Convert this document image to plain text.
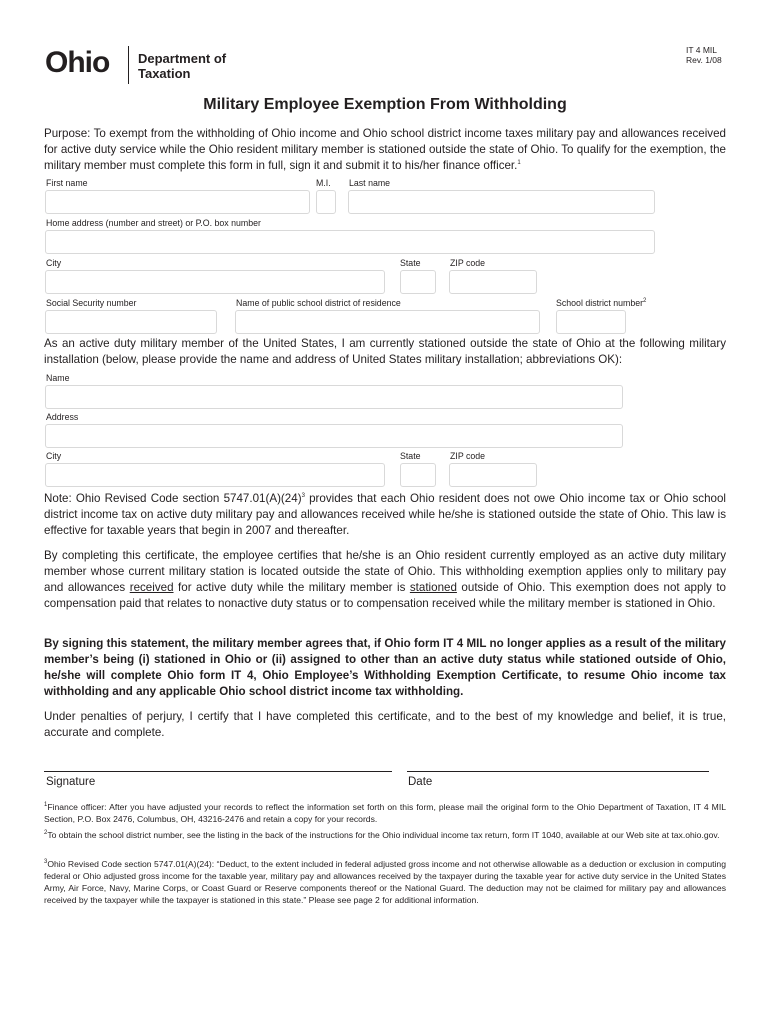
Ohio Department of
Taxation
IT 4 MIL
Rev. 1/08
Military Employee Exemption From Withholding
Purpose: To exempt from the withholding of Ohio income and Ohio school district income taxes military pay and allowances received for active duty service while the Ohio resident military member is stationed outside the state of Ohio. To qualify for the exemption, the military member must complete this form in full, sign it and submit it to his/her finance officer.$^1$
First name	M.I. Last name
Home address (number and street) or P.O. box number
City	State	ZIP code
Social Security number	Name of public school district of residence	School district number$^2$
As an active duty military member of the United States, I am currently stationed outside the state of Ohio at the following military installation (below, please provide the name and address of United States military installation; abbreviations OK):
Name
Address
City	State	ZIP code
Note: Ohio Revised Code section $5747.01(A)(24)^3$ provides that each Ohio resident does not owe Ohio income tax or Ohio school district income tax on active duty military pay and allowances received while he/she is stationed outside the state of Ohio. This law is effective for taxable years that begin in 2007 and thereafter.
By completing this certificate, the employee certifies that he/she is an Ohio resident currently employed as an active duty military member whose current military station is located outside the state of Ohio. This withholding exemption applies only to military pay and allowances received for active duty while the military member is stationed outside of Ohio. This exemption does not apply to compensation paid that relates to nonactive duty status or to compensation received while the military member is stationed in Ohio.
By signing this statement, the military member agrees that, if Ohio form IT 4 MIL no longer applies as a result of the military member’s being (i) stationed in Ohio or (ii) assigned to other than an active duty status while stationed outside of Ohio, he/she will complete Ohio form IT 4, Ohio Employee’s Withholding Exemption Certificate, to resume Ohio income tax withholding and any applicable Ohio school district income tax withholding.
Under penalties of perjury, I certify that I have completed this certificate, and to the best of my knowledge and belief, it is true, accurate and complete.
Signature	Date
$^1$Finance officer: After you have adjusted your records to reflect the information set forth on this form, please mail the original form to the Ohio Department of Taxation, IT 4 MIL Section, P.O. Box 2476, Columbus, OH, 43216-2476 and retain a copy for your records.
$^2$To obtain the school district number, see the listing in the back of the instructions for the Ohio individual income tax return, form IT 1040, available at our Web site at tax.ohio.gov.
$^3$Ohio Revised Code section 5747.01(A)(24): “Deduct, to the extent included in federal adjusted gross income and not otherwise allowable as a deduction or exclusion in computing federal or Ohio adjusted gross income for the taxable year, military pay and allowances received by the taxpayer during the taxable year for active duty service in the United States Army, Air Force, Navy, Marine Corps, or Coast Guard or Reserve components thereof or the National Guard. The deduction may not be claimed for military pay and allowances received by the taxpayer while the taxpayer is stationed in this state.” Please see page 2 for additional information.
